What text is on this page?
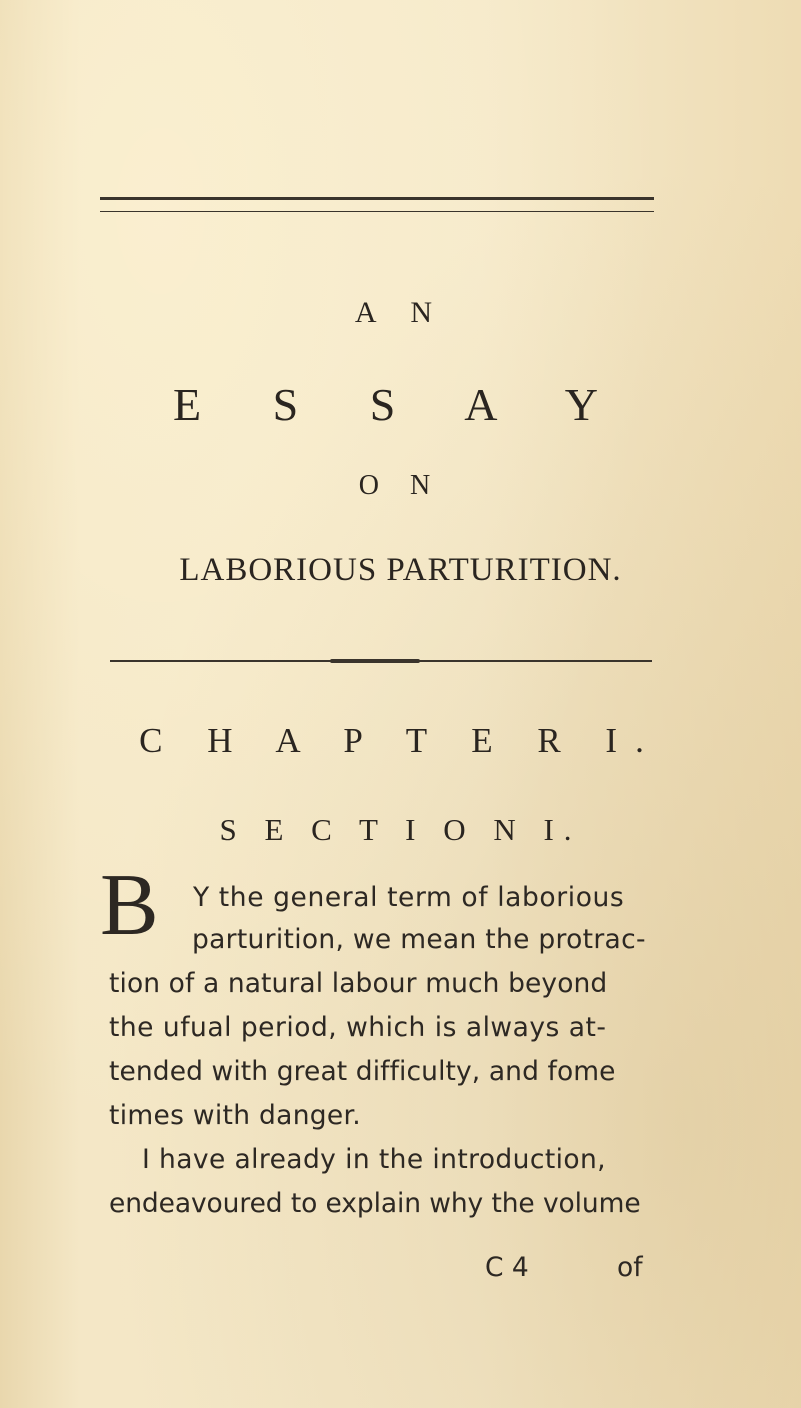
A N
E S S A Y
O N
LABORIOUS PARTURITION.
C H A P T E R I.
S E C T I O N I.
B Y the general term of laborious
parturition, we mean the protrac-
tion of a natural labour much beyond
the ufual period, which is always at-
tended with great difficulty, and fome
times with danger.
I have already in the introduction,
endeavoured to explain why the volume
C 4	of
